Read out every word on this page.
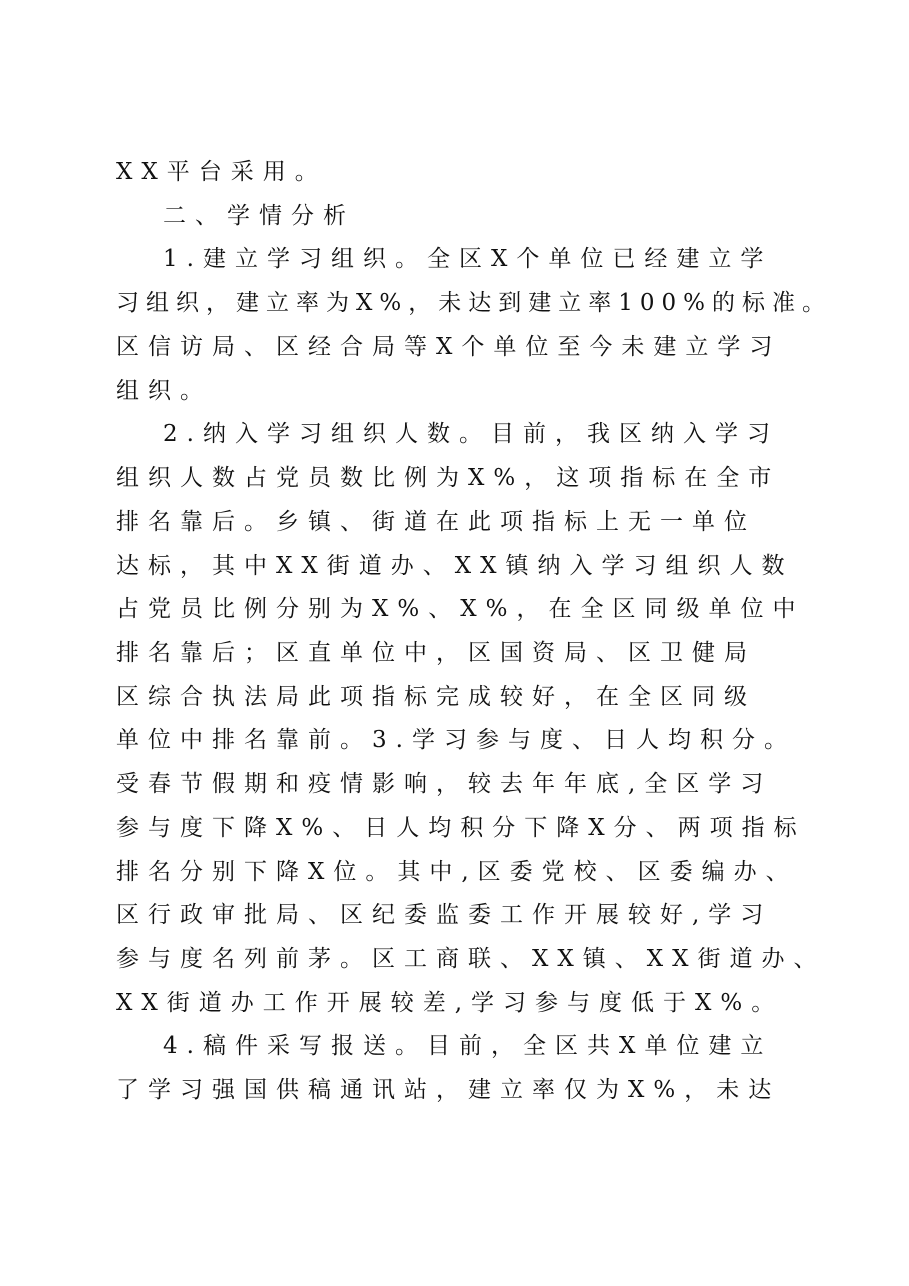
XX平台采用。
二、学情分析
1.建立学习组织。全区X个单位已经建立学
习组织，建立率为X%，未达到建立率100%的标准。
区信访局、区经合局等X个单位至今未建立学习
组织。
2.纳入学习组织人数。目前，我区纳入学习
组织人数占党员数比例为X%，这项指标在全市
排名靠后。乡镇、街道在此项指标上无一单位
达标，其中XX街道办、XX镇纳入学习组织人数
占党员比例分别为X%、X%，在全区同级单位中
排名靠后；区直单位中，区国资局、区卫健局
区综合执法局此项指标完成较好，在全区同级
单位中排名靠前。3.学习参与度、日人均积分。
受春节假期和疫情影响，较去年年底,全区学习
参与度下降X%、日人均积分下降X分、两项指标
排名分别下降X位。其中,区委党校、区委编办、
区行政审批局、区纪委监委工作开展较好,学习
参与度名列前茅。区工商联、XX镇、XX街道办、
XX街道办工作开展较差,学习参与度低于X%。
4.稿件采写报送。目前，全区共X单位建立
了学习强国供稿通讯站，建立率仅为X%，未达
